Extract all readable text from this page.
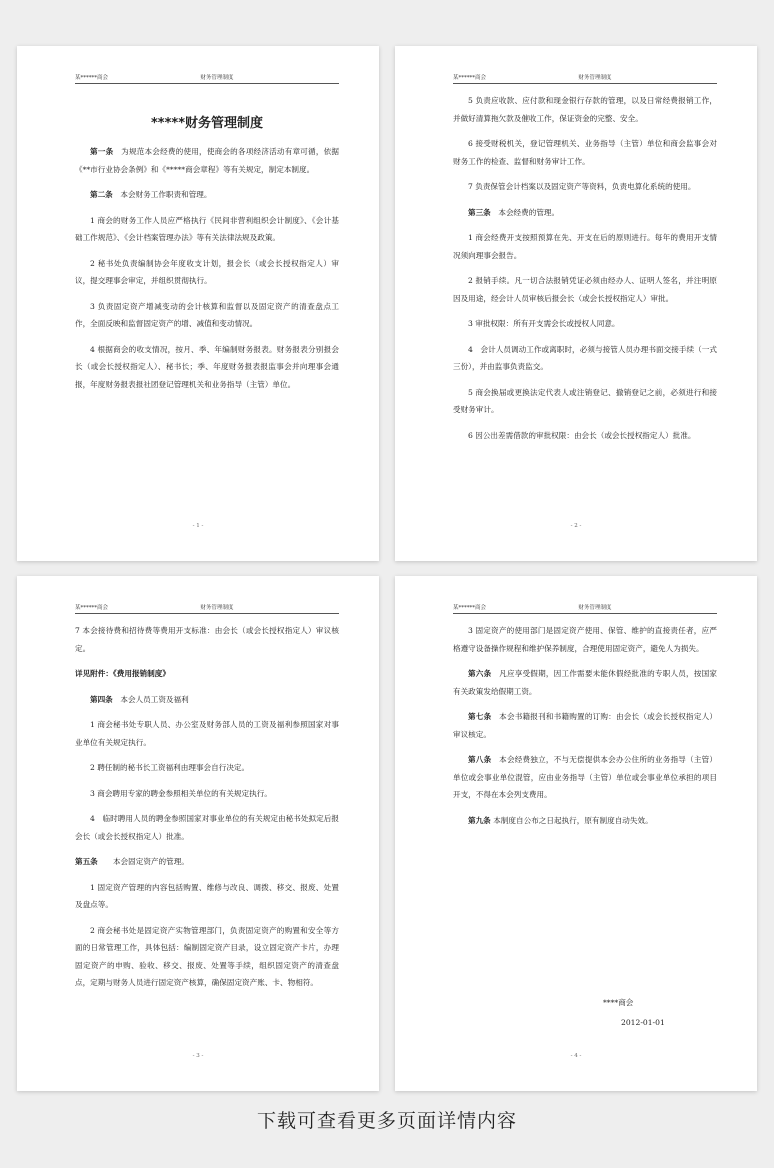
某******商会	财务管理制度
*****财务管理制度
第一条　为规范本会经费的使用，使商会的各项经济活动有章可循，依据《**市行业协会条例》和《*****商会章程》等有关规定，制定本制度。
第二条　本会财务工作职责和管理。
1 商会的财务工作人员应严格执行《民间非营利组织会计制度》、《会计基础工作规范》、《会计档案管理办法》等有关法律法规及政策。
2 秘书处负责编制协会年度收支计划，报会长（或会长授权指定人）审议，提交理事会审定，并组织贯彻执行。
3 负责固定资产增减变动的会计核算和监督以及固定资产的清查盘点工作，全面反映和监督固定资产的增、减值和变动情况。
4 根据商会的收支情况，按月、季、年编制财务报表。财务报表分别报会长（或会长授权指定人）、秘书长；季、年度财务报表报监事会并向理事会通报，年度财务报表报社团登记管理机关和业务指导（主管）单位。
- 1 -
某******商会	财务管理制度
5 负责应收款、应付款和现金银行存款的管理，以及日常经费报销工作，并做好清算拖欠款及催收工作，保证资金的完整、安全。
6 接受财税机关，登记管理机关、业务指导（主管）单位和商会监事会对财务工作的检查、监督和财务审计工作。
7 负责保管会计档案以及固定资产等资料，负责电算化系统的使用。
第三条　本会经费的管理。
1 商会经费开支按照预算在先、开支在后的原则进行。每年的费用开支情况须向理事会报告。
2 报销手续。凡一切合法报销凭证必须由经办人、证明人签名，并注明原因及用途，经会计人员审核后报会长（或会长授权指定人）审批。
3 审批权限：所有开支需会长或授权人同意。
4　会计人员调动工作或离职时，必须与接管人员办理书面交接手续（一式三份），并由监事负责监交。
5 商会换届或更换法定代表人或注销登记、撤销登记之前，必须进行和接受财务审计。
6 因公出差需借款的审批权限：由会长（或会长授权指定人）批准。
- 2 -
某******商会	财务管理制度
7 本会接待费和招待费等费用开支标准：由会长（或会长授权指定人）审议核定。
详见附件：《费用报销制度》
第四条　本会人员工资及福利
1 商会秘书处专职人员、办公室及财务部人员的工资及福利参照国家对事业单位有关规定执行。
2 聘任制的秘书长工资福利由理事会自行决定。
3 商会聘用专家的聘金参照相关单位的有关规定执行。
4　临时聘用人员的聘金参照国家对事业单位的有关规定由秘书处拟定后报会长（或会长授权指定人）批准。
第五条　　本会固定资产的管理。
1 固定资产管理的内容包括购置、维修与改良、调拨、移交、报废、处置及盘点等。
2 商会秘书处是固定资产实物管理部门，负责固定资产的购置和安全等方面的日常管理工作，具体包括：编制固定资产目录，设立固定资产卡片，办理固定资产的申购、验收、移交、报废、处置等手续，组织固定资产的清查盘点，定期与财务人员进行固定资产核算，确保固定资产账、卡、物相符。
- 3 -
某******商会	财务管理制度
3 固定资产的使用部门是固定资产使用、保管、维护的直接责任者，应严格遵守设备操作规程和维护保养制度，合理使用固定资产，避免人为损失。
第六条　凡应享受假期，因工作需要未能休假经批准的专职人员，按国家有关政策发给假期工资。
第七条　本会书籍报刊和书籍购置的订购：由会长（或会长授权指定人）审议核定。
第八条　本会经费独立，不与无偿提供本会办公住所的业务指导（主管）单位或会事业单位混管，应由业务指导（主管）单位或会事业单位承担的项目开支，不得在本会列支费用。
第九条 本制度自公布之日起执行，原有制度自动失效。
****商会
2012-01-01
- 4 -
下载可查看更多页面详情内容
